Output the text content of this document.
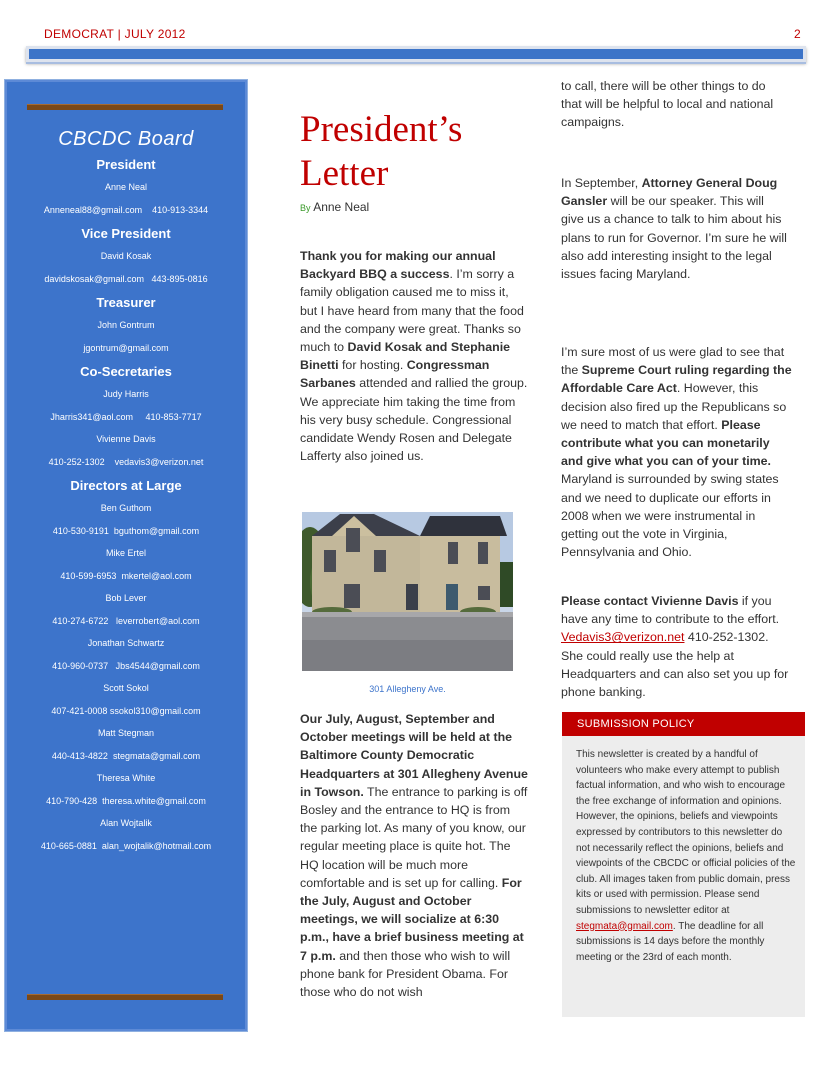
DEMOCRAT | JULY 2012	2
CBCDC Board
President
Anne Neal
Anneneal88@gmail.com    410-913-3344
Vice President
David Kosak
davidskosak@gmail.com   443-895-0816
Treasurer
John Gontrum
jgontrum@gmail.com
Co-Secretaries
Judy Harris
Jharris341@aol.com     410-853-7717
Vivienne Davis
410-252-1302    vedavis3@verizon.net
Directors at Large
Ben Guthom
410-530-9191  bguthom@gmail.com
Mike Ertel
410-599-6953  mkertel@aol.com
Bob Lever
410-274-6722   leverrobert@aol.com
Jonathan Schwartz
410-960-0737   Jbs4544@gmail.com
Scott Sokol
407-421-0008 ssokol310@gmail.com
Matt Stegman
440-413-4822  stegmata@gmail.com
Theresa White
410-790-428  theresa.white@gmail.com
Alan Wojtalik
410-665-0881  alan_wojtalik@hotmail.com
President’s
Letter
By Anne Neal

Thank you for making our annual Backyard BBQ a success. I’m sorry a family obligation caused me to miss it, but I have heard from many that the food and the company were great. Thanks so much to David Kosak and Stephanie Binetti for hosting. Congressman Sarbanes attended and rallied the group. We appreciate him taking the time from his very busy schedule. Congressional candidate Wendy Rosen and Delegate Lafferty also joined us.

301 Allegheny Ave.

Our July, August, September and October meetings will be held at the Baltimore County Democratic Headquarters at 301 Allegheny Avenue in Towson. The entrance to parking is off Bosley and the entrance to HQ is from the parking lot. As many of you know, our regular meeting place is quite hot. The HQ location will be much more comfortable and is set up for calling. For the July, August and October meetings, we will socialize at 6:30 p.m., have a brief business meeting at 7 p.m. and then those who wish to will phone bank for President Obama. For those who do not wish

to call, there will be other things to do that will be helpful to local and national campaigns.

In September, Attorney General Doug Gansler will be our speaker. This will give us a chance to talk to him about his plans to run for Governor. I’m sure he will also add interesting insight to the legal issues facing Maryland.

I’m sure most of us were glad to see that the Supreme Court ruling regarding the Affordable Care Act. However, this decision also fired up the Republicans so we need to match that effort. Please contribute what you can monetarily and give what you can of your time. Maryland is surrounded by swing states and we need to duplicate our efforts in 2008 when we were instrumental in getting out the vote in Virginia, Pennsylvania and Ohio.

Please contact Vivienne Davis if you have any time to contribute to the effort. Vedavis3@verizon.net 410-252-1302. She could really use the help at Headquarters and can also set you up for phone banking.

SUBMISSION POLICY
This newsletter is created by a handful of volunteers who make every attempt to publish factual information, and who wish to encourage the free exchange of information and opinions. However, the opinions, beliefs and viewpoints expressed by contributors to this newsletter do not necessarily reflect the opinions, beliefs and viewpoints of the CBCDC or official policies of the club. All images taken from public domain, press kits or used with permission. Please send submissions to newsletter editor at stegmata@gmail.com. The deadline for all submissions is 14 days before the monthly meeting or the 23rd of each month.
